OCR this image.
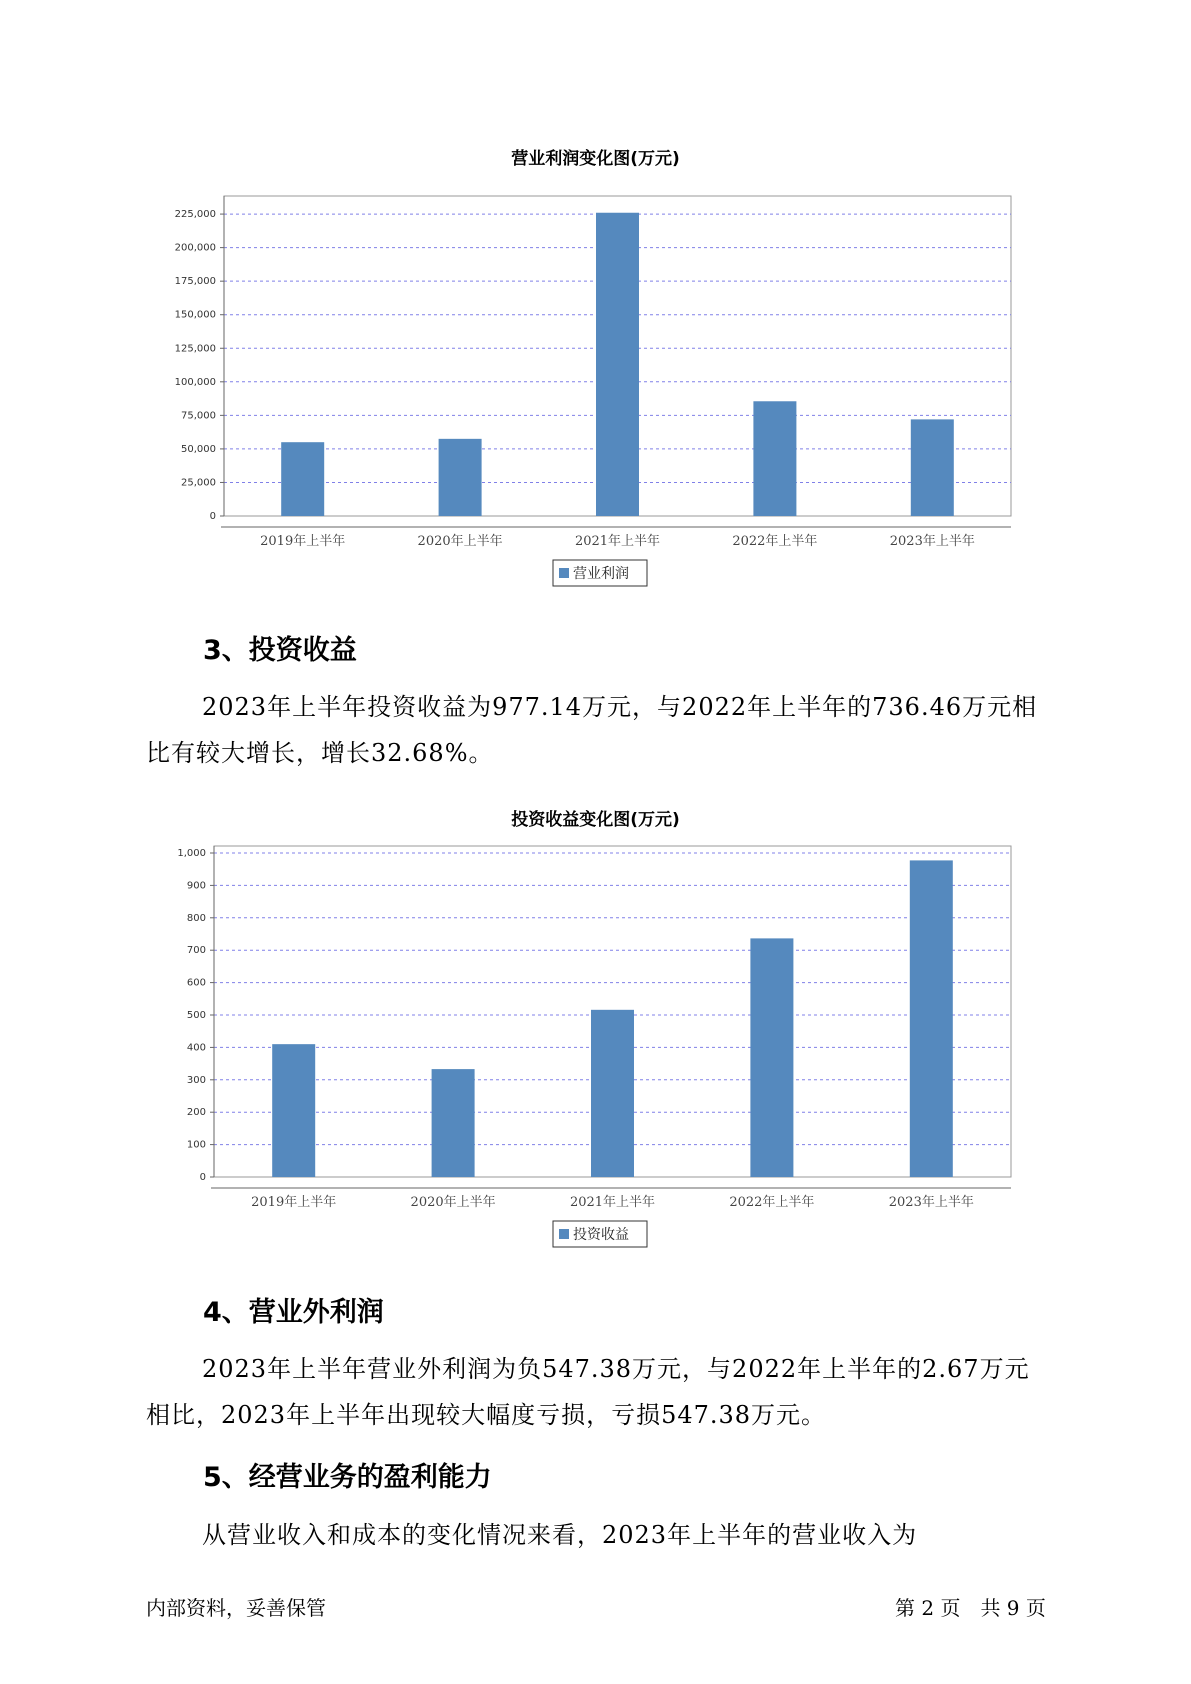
营业利润变化图(万元)
0
25,000
50,000
75,000
100,000
125,000
150,000
175,000
200,000
225,000
2019年上半年	2020年上半年	2021年上半年	2022年上半年	2023年上半年
营业利润
3、投资收益

2023年上半年投资收益为977.14万元，与2022年上半年的736.46万元相比有较大增长，增长32.68%。

投资收益变化图(万元)
0
100
200
300
400
500
600
700
800
900
1,000
2019年上半年	2020年上半年	2021年上半年	2022年上半年	2023年上半年
投资收益
4、营业外利润

2023年上半年营业外利润为负547.38万元，与2022年上半年的2.67万元相比，2023年上半年出现较大幅度亏损，亏损547.38万元。

5、经营业务的盈利能力

从营业收入和成本的变化情况来看，2023年上半年的营业收入为

内部资料，妥善保管	第 2 页　共 9 页
